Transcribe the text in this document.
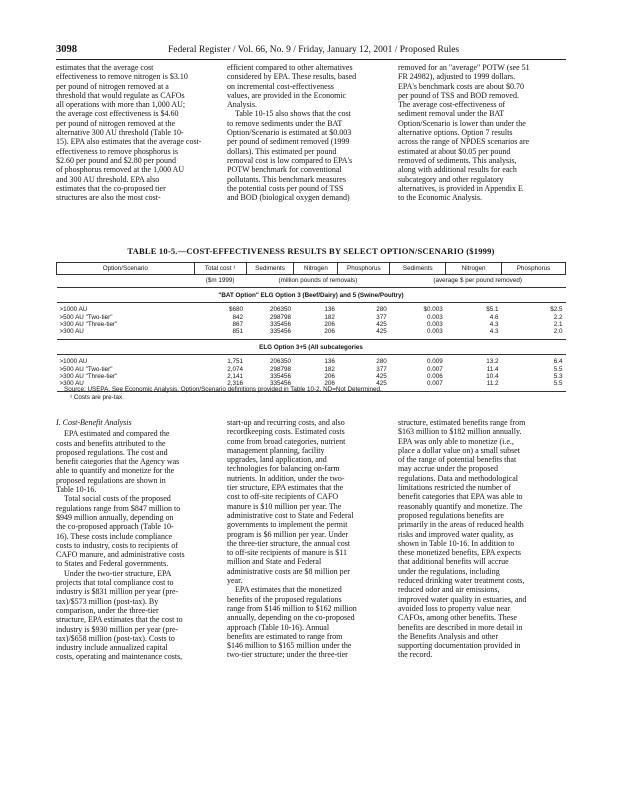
3098	Federal Register / Vol. 66, No. 9 / Friday, January 12, 2001 / Proposed Rules
estimates that the average cost
effectiveness to remove nitrogen is $3.10
per pound of nitrogen removed at a
threshold that would regulate as CAFOs
all operations with more than 1,000 AU;
the average cost effectiveness is $4.60
per pound of nitrogen removed at the
alternative 300 AU threshold (Table 10-
15). EPA also estimates that the average cost-
effectiveness to remove phosphorus is
$2.60 per pound and $2.80 per pound
of phosphorus removed at the 1,000 AU
and 300 AU threshold. EPA also
estimates that the co-proposed tier
structures are also the most cost-
efficient compared to other alternatives
considered by EPA. These results, based
on incremental cost-effectiveness
values, are provided in the Economic
Analysis.
Table 10-15 also shows that the cost
to remove sediments under the BAT
Option/Scenario is estimated at $0.003
per pound of sediment removed (1999
dollars). This estimated per pound
removal cost is low compared to EPA's
POTW benchmark for conventional
pollutants. This benchmark measures
the potential costs per pound of TSS
and BOD (biological oxygen demand)
removed for an "average" POTW (see 51
FR 24982), adjusted to 1999 dollars.
EPA's benchmark costs are about $0.70
per pound of TSS and BOD removed.
The average cost-effectiveness of
sediment removal under the BAT
Option/Scenario is lower than under the
alternative options. Option 7 results
across the range of NPDES scenarios are
estimated at about $0.05 per pound
removed of sediments. This analysis,
along with additional results for each
subcategory and other regulatory
alternatives, is provided in Appendix E
to the Economic Analysis.
TABLE 10-5.—COST-EFFECTIVENESS RESULTS BY SELECT OPTION/SCENARIO ($1999)
Option/Scenario	Total cost ¹	Sediments	Nitrogen	Phosphorus	Sediments	Nitrogen	Phosphorus
	($m 1999)	(million pounds of removals)			(average $ per pound removed)		
"BAT Option" ELG Option 3 (Beef/Dairy) and 5 (Swine/Poultry)							
>1000 AU	$680	206350	136	280	$0.003	$5.1	$2.5
>500 AU "Two-tier"	842	298798	182	377	0.003	4.6	2.2
>300 AU "Three-tier"	867	335456	206	425	0.003	4.3	2.1
>300 AU	851	335456	206	425	0.003	4.3	2.0
ELG Option 3+5 (All subcategories							
>1000 AU	1,751	206350	136	280	0.009	13.2	6.4
>500 AU "Two-tier"	2,074	298798	182	377	0.007	11.4	5.5
>300 AU "Three-tier"	2,141	335456	206	425	0.006	10.4	5.3
>300 AU	2,316	335456	206	425	0.007	11.2	5.5
Source: USEPA. See Economic Analysis. Option/Scenario definitions provided in Table 10-2. ND=Not Determined.
¹ Costs are pre-tax.

I. Cost-Benefit Analysis

EPA estimated and compared the
costs and benefits attributed to the
proposed regulations. The cost and
benefit categories that the Agency was
able to quantify and monetize for the
proposed regulations are shown in
Table 10-16.
Total social costs of the proposed
regulations range from $847 million to
$949 million annually, depending on
the co-proposed approach (Table 10-
16). These costs include compliance
costs to industry, costs to recipients of
CAFO manure, and administrative costs
to States and Federal governments.
Under the two-tier structure, EPA
projects that total compliance cost to
industry is $831 million per year (pre-
tax)/$573 million (post-tax). By
comparison, under the three-tier
structure, EPA estimates that the cost to
industry is $930 million per year (pre-
tax)/$658 million (post-tax). Costs to
industry include annualized capital
costs, operating and maintenance costs,
start-up and recurring costs, and also
recordkeeping costs. Estimated costs
come from broad categories, nutrient
management planning, facility
upgrades, land application, and
technologies for balancing on-farm
nutrients. In addition, under the two-
tier structure, EPA estimates that the
cost to off-site recipients of CAFO
manure is $10 million per year. The
administrative cost to State and Federal
governments to implement the permit
program is $6 million per year. Under
the three-tier structure, the annual cost
to off-site recipients of manure is $11
million and State and Federal
administrative costs are $8 million per
year.
EPA estimates that the monetized
benefits of the proposed regulations
range from $146 million to $162 million
annually, depending on the co-proposed
approach (Table 10-16). Annual
benefits are estimated to range from
$146 million to $165 million under the
two-tier structure; under the three-tier
structure, estimated benefits range from
$163 million to $182 million annually.
EPA was only able to monetize (i.e.,
place a dollar value on) a small subset
of the range of potential benefits that
may accrue under the proposed
regulations. Data and methodological
limitations restricted the number of
benefit categories that EPA was able to
reasonably quantify and monetize. The
proposed regulations benefits are
primarily in the areas of reduced health
risks and improved water quality, as
shown in Table 10-16. In addition to
these monetized benefits, EPA expects
that additional benefits will accrue
under the regulations, including
reduced drinking water treatment costs,
reduced odor and air emissions,
improved water quality in estuaries, and
avoided loss to property value near
CAFOs, among other benefits. These
benefits are described in more detail in
the Benefits Analysis and other
supporting documentation provided in
the record.
